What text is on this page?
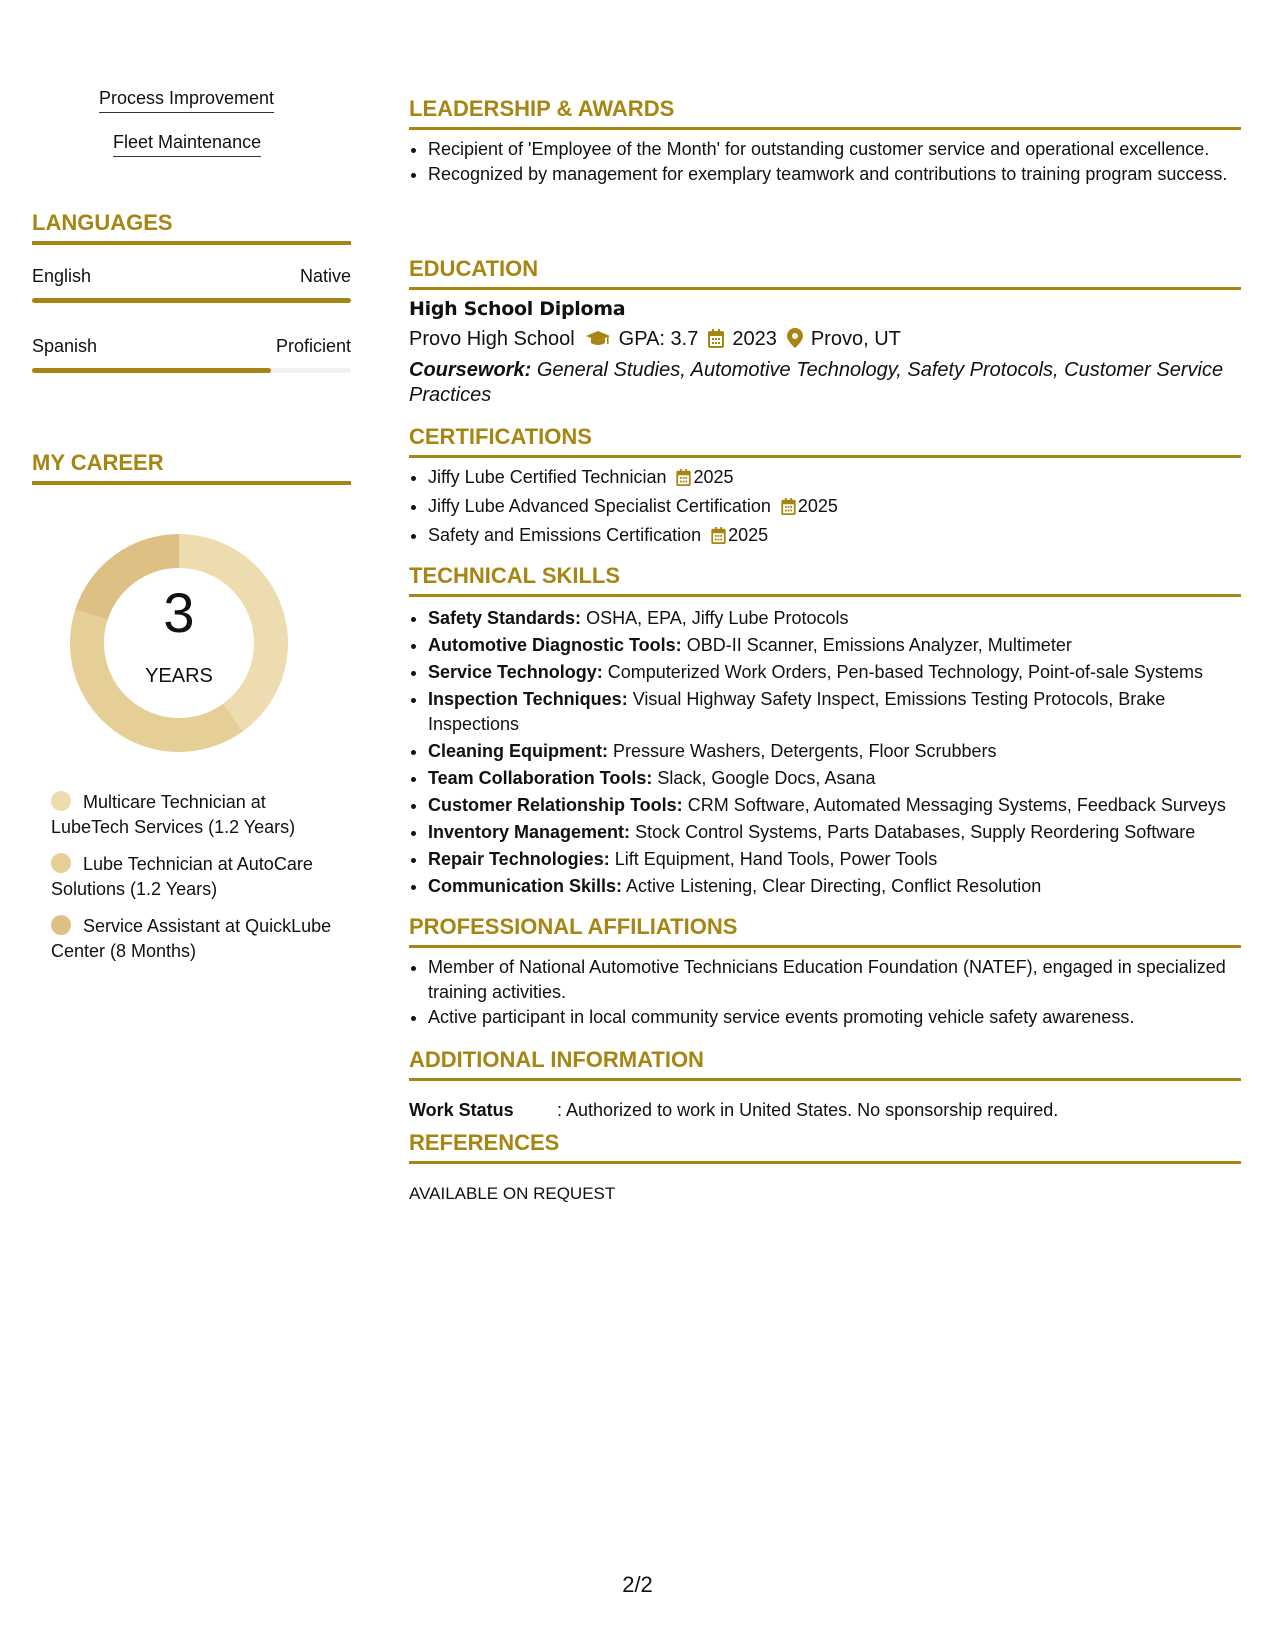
Process Improvement
Fleet Maintenance
LANGUAGES
English	Native
Spanish	Proficient
MY CAREER
3
YEARS
Multicare Technician at LubeTech Services (1.2 Years)
Lube Technician at AutoCare Solutions (1.2 Years)
Service Assistant at QuickLube Center (8 Months)
LEADERSHIP & AWARDS
• Recipient of 'Employee of the Month' for outstanding customer service and operational excellence.
• Recognized by management for exemplary teamwork and contributions to training program success.
EDUCATION
High School Diploma
Provo High School GPA: 3.7 2023 Provo, UT
Coursework: General Studies, Automotive Technology, Safety Protocols, Customer Service Practices
CERTIFICATIONS
• Jiffy Lube Certified Technician 2025
• Jiffy Lube Advanced Specialist Certification 2025
• Safety and Emissions Certification 2025
TECHNICAL SKILLS
• Safety Standards: OSHA, EPA, Jiffy Lube Protocols
• Automotive Diagnostic Tools: OBD-II Scanner, Emissions Analyzer, Multimeter
• Service Technology: Computerized Work Orders, Pen-based Technology, Point-of-sale Systems
• Inspection Techniques: Visual Highway Safety Inspect, Emissions Testing Protocols, Brake Inspections
• Cleaning Equipment: Pressure Washers, Detergents, Floor Scrubbers
• Team Collaboration Tools: Slack, Google Docs, Asana
• Customer Relationship Tools: CRM Software, Automated Messaging Systems, Feedback Surveys
• Inventory Management: Stock Control Systems, Parts Databases, Supply Reordering Software
• Repair Technologies: Lift Equipment, Hand Tools, Power Tools
• Communication Skills: Active Listening, Clear Directing, Conflict Resolution
PROFESSIONAL AFFILIATIONS
• Member of National Automotive Technicians Education Foundation (NATEF), engaged in specialized training activities.
• Active participant in local community service events promoting vehicle safety awareness.
ADDITIONAL INFORMATION
Work Status : Authorized to work in United States. No sponsorship required.
REFERENCES
AVAILABLE ON REQUEST
2/2
